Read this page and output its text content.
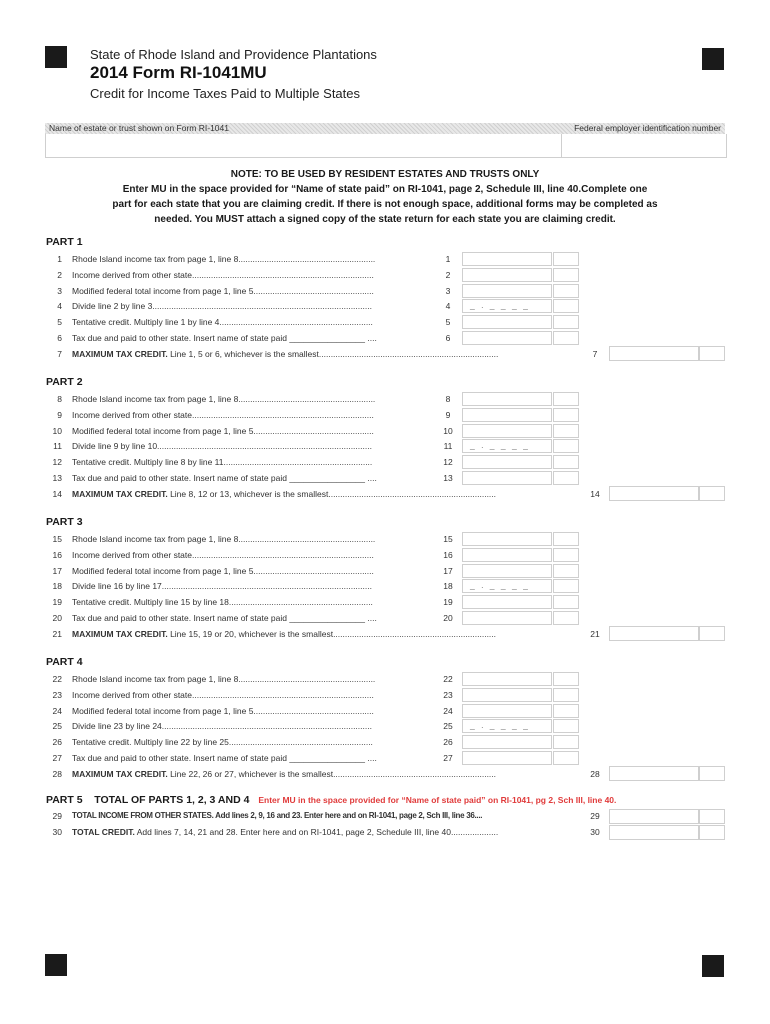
State of Rhode Island and Providence Plantations
2014 Form RI-1041MU
Credit for Income Taxes Paid to Multiple States
Name of estate or trust shown on Form RI-1041	Federal employer identification number
NOTE: TO BE USED BY RESIDENT ESTATES AND TRUSTS ONLY
Enter MU in the space provided for “Name of state paid” on RI-1041, page 2, Schedule III, line 40.Complete one
part for each state that you are claiming credit. If there is not enough space, additional forms may be completed as
needed. You MUST attach a signed copy of the state return for each state you are claiming credit.
PART 1
1 Rhode Island income tax from page 1, line 8..........................................................	1
2 Income derived from other state.............................................................................	2
3 Modified federal total income from page 1, line 5...................................................	3
4 Divide line 2 by line 3.............................................................................................	4	_ . _ _ _ _
5 Tentative credit. Multiply line 1 by line 4.................................................................	5
6 Tax due and paid to other state. Insert name of state paid ________________ ....	6
7 MAXIMUM TAX CREDIT. Line 1, 5 or 6, whichever is the smallest............................................................................	7
PART 2
8 Rhode Island income tax from page 1, line 8..........................................................	8
9 Income derived from other state.............................................................................	9
10 Modified federal total income from page 1, line 5...................................................	10
11 Divide line 9 by line 10...........................................................................................	11	_ . _ _ _ _
12 Tentative credit. Multiply line 8 by line 11...............................................................	12
13 Tax due and paid to other state. Insert name of state paid ________________ ....	13
14 MAXIMUM TAX CREDIT. Line 8, 12 or 13, whichever is the smallest.......................................................................	14
PART 3
15 Rhode Island income tax from page 1, line 8..........................................................	15
16 Income derived from other state.............................................................................	16
17 Modified federal total income from page 1, line 5...................................................	17
18 Divide line 16 by line 17.........................................................................................	18	_ . _ _ _ _
19 Tentative credit. Multiply line 15 by line 18.............................................................	19
20 Tax due and paid to other state. Insert name of state paid ________________ ....	20
21 MAXIMUM TAX CREDIT. Line 15, 19 or 20, whichever is the smallest.....................................................................	21
PART 4
22 Rhode Island income tax from page 1, line 8..........................................................	22
23 Income derived from other state.............................................................................	23
24 Modified federal total income from page 1, line 5...................................................	24
25 Divide line 23 by line 24.........................................................................................	25	_ . _ _ _ _
26 Tentative credit. Multiply line 22 by line 25.............................................................	26
27 Tax due and paid to other state. Insert name of state paid ________________ ....	27
28 MAXIMUM TAX CREDIT. Line 22, 26 or 27, whichever is the smallest.....................................................................	28
PART 5    TOTAL OF PARTS 1, 2, 3 AND 4 Enter MU in the space provided for “Name of state paid” on RI-1041, pg 2, Sch III, line 40.
29 TOTAL INCOME FROM OTHER STATES. Add lines 2, 9, 16 and 23. Enter here and on RI-1041, page 2, Sch III, line 36....	29
30 TOTAL CREDIT. Add lines 7, 14, 21 and 28. Enter here and on RI-1041, page 2, Schedule III, line 40....................	30
